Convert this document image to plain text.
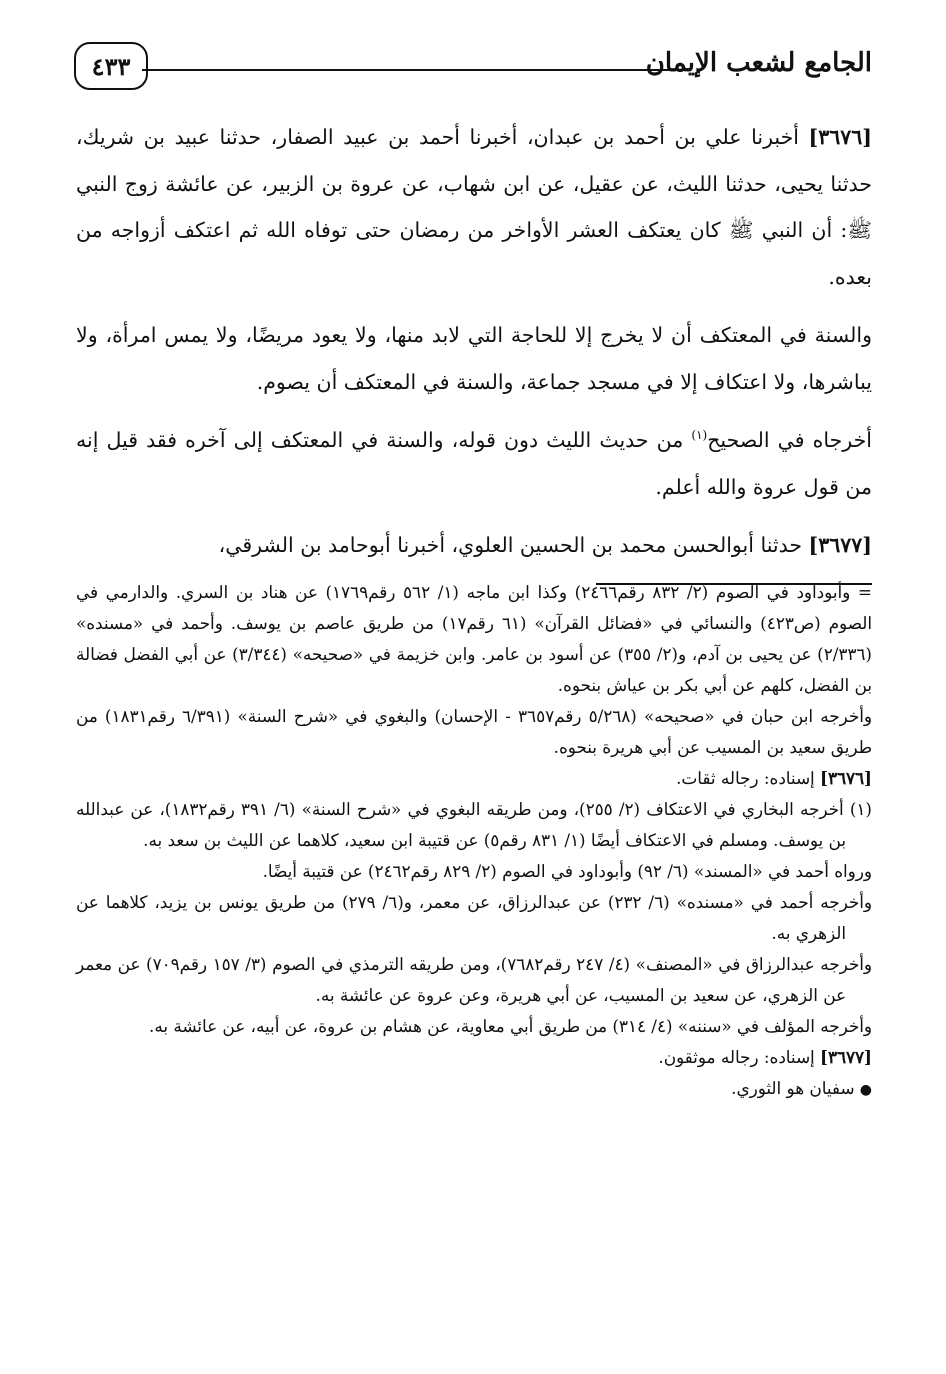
الجامع لشعب الإيمان
٤٣٣

[٣٦٧٦] أخبرنا علي بن أحمد بن عبدان، أخبرنا أحمد بن عبيد الصفار، حدثنا عبيد بن شريك، حدثنا يحيى، حدثنا الليث، عن عقيل، عن ابن شهاب، عن عروة بن الزبير، عن عائشة زوج النبي ﷺ: أن النبي ﷺ كان يعتكف العشر الأواخر من رمضان حتى توفاه الله ثم اعتكف أزواجه من بعده.

والسنة في المعتكف أن لا يخرج إلا للحاجة التي لابد منها، ولا يعود مريضًا، ولا يمس امرأة، ولا يباشرها، ولا اعتكاف إلا في مسجد جماعة، والسنة في المعتكف أن يصوم.

أخرجاه في الصحيح$^{(١)}$ من حديث الليث دون قوله، والسنة في المعتكف إلى آخره فقد قيل إنه من قول عروة والله أعلم.

[٣٦٧٧] حدثنا أبوالحسن محمد بن الحسين العلوي، أخبرنا أبوحامد بن الشرقي،

= وأبوداود في الصوم (٢/ ٨٣٢ رقم٢٤٦٦) وكذا ابن ماجه (١/ ٥٦٢ رقم١٧٦٩) عن هناد بن السري. والدارمي في الصوم (ص٤٢٣) والنسائي في «فضائل القرآن» (٦١ رقم١٧) من طريق عاصم بن يوسف. وأحمد في «مسنده» (٢/٣٣٦) عن يحيى بن آدم، و(٢/ ٣٥٥) عن أسود بن عامر. وابن خزيمة في «صحيحه» (٣/٣٤٤) عن أبي الفضل فضالة بن الفضل، كلهم عن أبي بكر بن عياش بنحوه.

وأخرجه ابن حبان في «صحيحه» (٥/٢٦٨ رقم٣٦٥٧ - الإحسان) والبغوي في «شرح السنة» (٦/٣٩١ رقم١٨٣١) من طريق سعيد بن المسيب عن أبي هريرة بنحوه.

[٣٦٧٦] إسناده: رجاله ثقات.

(١) أخرجه البخاري في الاعتكاف (٢/ ٢٥٥)، ومن طريقه البغوي في «شرح السنة» (٦/ ٣٩١ رقم١٨٣٢)، عن عبدالله بن يوسف. ومسلم في الاعتكاف أيضًا (١/ ٨٣١ رقم٥) عن قتيبة ابن سعيد، كلاهما عن الليث بن سعد به.

ورواه أحمد في «المسند» (٦/ ٩٢) وأبوداود في الصوم (٢/ ٨٢٩ رقم٢٤٦٢) عن قتيبة أيضًا.

وأخرجه أحمد في «مسنده» (٦/ ٢٣٢) عن عبدالرزاق، عن معمر، و(٦/ ٢٧٩) من طريق يونس بن يزيد، كلاهما عن الزهري به.

وأخرجه عبدالرزاق في «المصنف» (٤/ ٢٤٧ رقم٧٦٨٢)، ومن طريقه الترمذي في الصوم (٣/ ١٥٧ رقم٧٠٩) عن معمر عن الزهري، عن سعيد بن المسيب، عن أبي هريرة، وعن عروة عن عائشة به.

وأخرجه المؤلف في «سننه» (٤/ ٣١٤) من طريق أبي معاوية، عن هشام بن عروة، عن أبيه، عن عائشة به.

[٣٦٧٧] إسناده: رجاله موثقون.

● سفيان هو الثوري.
